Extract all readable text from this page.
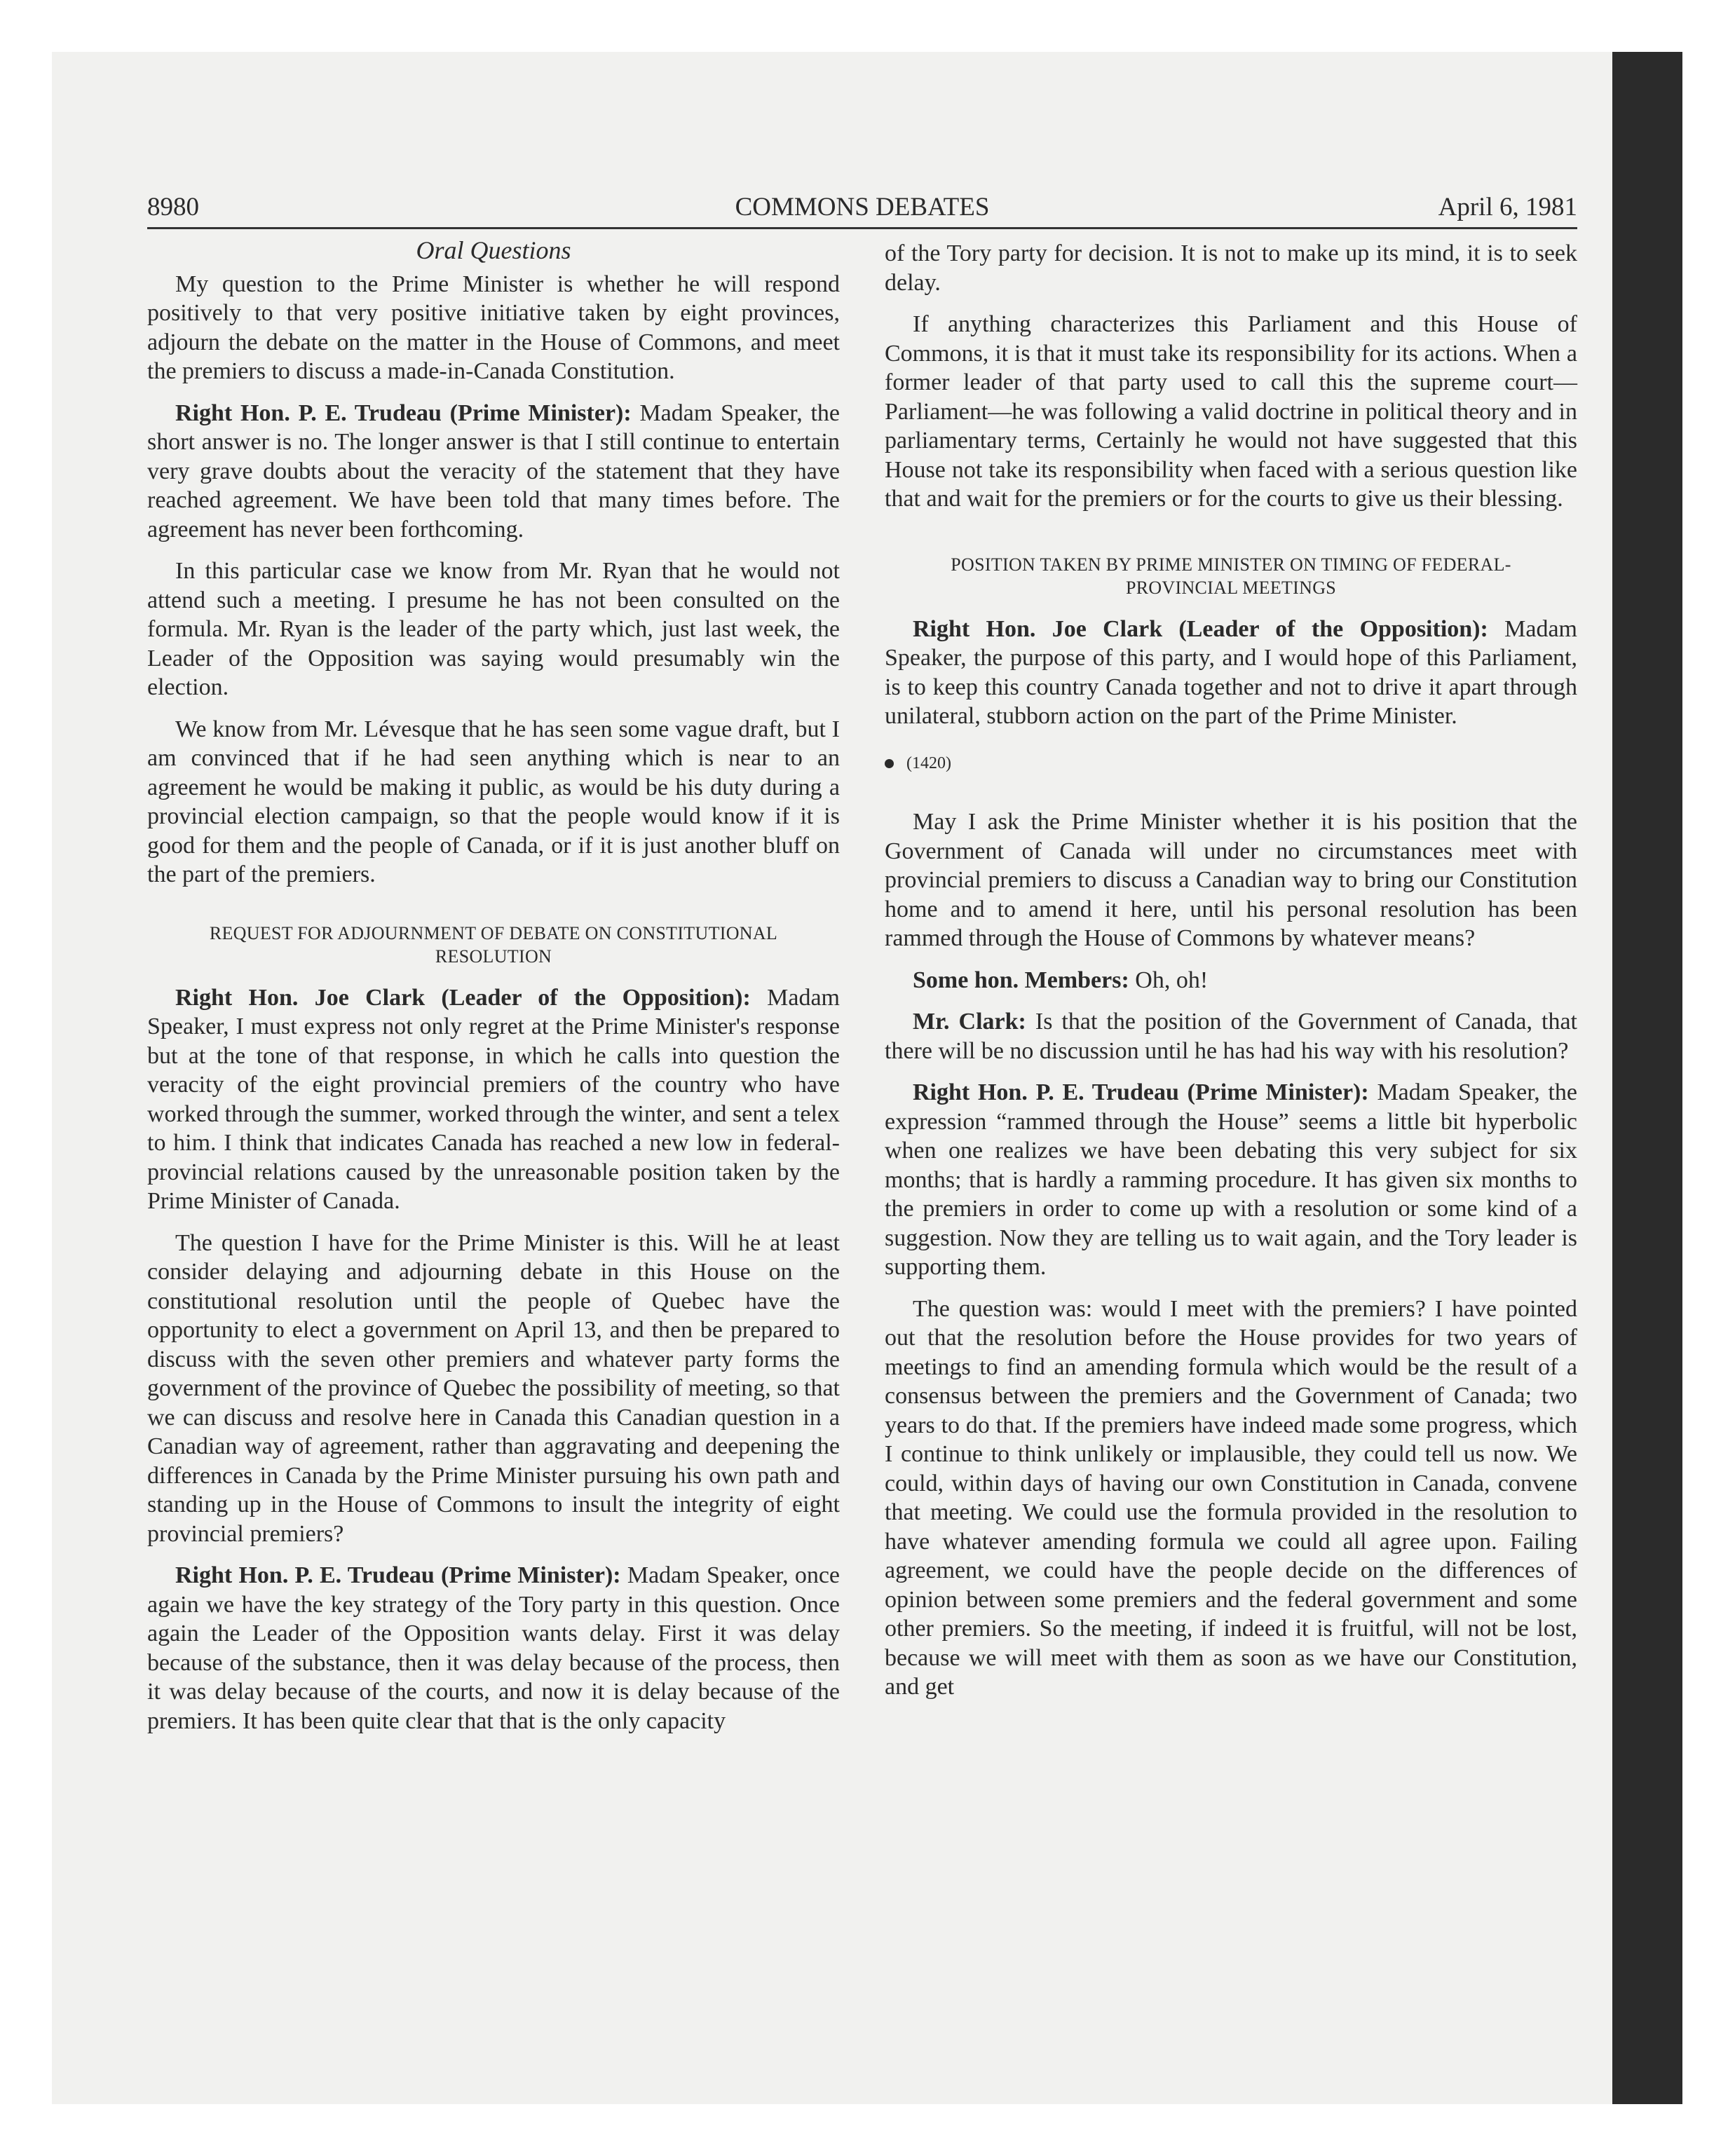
8980	COMMONS DEBATES	April 6, 1981
Oral Questions

My question to the Prime Minister is whether he will respond positively to that very positive initiative taken by eight provinces, adjourn the debate on the matter in the House of Commons, and meet the premiers to discuss a made-in-Canada Constitution.

Right Hon. P. E. Trudeau (Prime Minister): Madam Speaker, the short answer is no. The longer answer is that I still continue to entertain very grave doubts about the veracity of the statement that they have reached agreement. We have been told that many times before. The agreement has never been forthcoming.

In this particular case we know from Mr. Ryan that he would not attend such a meeting. I presume he has not been consulted on the formula. Mr. Ryan is the leader of the party which, just last week, the Leader of the Opposition was saying would presumably win the election.

We know from Mr. Lévesque that he has seen some vague draft, but I am convinced that if he had seen anything which is near to an agreement he would be making it public, as would be his duty during a provincial election campaign, so that the people would know if it is good for them and the people of Canada, or if it is just another bluff on the part of the premiers.

REQUEST FOR ADJOURNMENT OF DEBATE ON CONSTITUTIONAL RESOLUTION

Right Hon. Joe Clark (Leader of the Opposition): Madam Speaker, I must express not only regret at the Prime Minister's response but at the tone of that response, in which he calls into question the veracity of the eight provincial premiers of the country who have worked through the summer, worked through the winter, and sent a telex to him. I think that indicates Canada has reached a new low in federal-provincial relations caused by the unreasonable position taken by the Prime Minister of Canada.

The question I have for the Prime Minister is this. Will he at least consider delaying and adjourning debate in this House on the constitutional resolution until the people of Quebec have the opportunity to elect a government on April 13, and then be prepared to discuss with the seven other premiers and whatever party forms the government of the province of Quebec the possibility of meeting, so that we can discuss and resolve here in Canada this Canadian question in a Canadian way of agreement, rather than aggravating and deepening the differences in Canada by the Prime Minister pursuing his own path and standing up in the House of Commons to insult the integrity of eight provincial premiers?

Right Hon. P. E. Trudeau (Prime Minister): Madam Speaker, once again we have the key strategy of the Tory party in this question. Once again the Leader of the Opposition wants delay. First it was delay because of the substance, then it was delay because of the process, then it was delay because of the courts, and now it is delay because of the premiers. It has been quite clear that that is the only capacity

of the Tory party for decision. It is not to make up its mind, it is to seek delay.

If anything characterizes this Parliament and this House of Commons, it is that it must take its responsibility for its actions. When a former leader of that party used to call this the supreme court—Parliament—he was following a valid doctrine in political theory and in parliamentary terms, Certainly he would not have suggested that this House not take its responsibility when faced with a serious question like that and wait for the premiers or for the courts to give us their blessing.

POSITION TAKEN BY PRIME MINISTER ON TIMING OF FEDERAL-PROVINCIAL MEETINGS

Right Hon. Joe Clark (Leader of the Opposition): Madam Speaker, the purpose of this party, and I would hope of this Parliament, is to keep this country Canada together and not to drive it apart through unilateral, stubborn action on the part of the Prime Minister.

(1420)

May I ask the Prime Minister whether it is his position that the Government of Canada will under no circumstances meet with provincial premiers to discuss a Canadian way to bring our Constitution home and to amend it here, until his personal resolution has been rammed through the House of Commons by whatever means?

Some hon. Members: Oh, oh!

Mr. Clark: Is that the position of the Government of Canada, that there will be no discussion until he has had his way with his resolution?

Right Hon. P. E. Trudeau (Prime Minister): Madam Speaker, the expression “rammed through the House” seems a little bit hyperbolic when one realizes we have been debating this very subject for six months; that is hardly a ramming procedure. It has given six months to the premiers in order to come up with a resolution or some kind of a suggestion. Now they are telling us to wait again, and the Tory leader is supporting them.

The question was: would I meet with the premiers? I have pointed out that the resolution before the House provides for two years of meetings to find an amending formula which would be the result of a consensus between the premiers and the Government of Canada; two years to do that. If the premiers have indeed made some progress, which I continue to think unlikely or implausible, they could tell us now. We could, within days of having our own Constitution in Canada, convene that meeting. We could use the formula provided in the resolution to have whatever amending formula we could all agree upon. Failing agreement, we could have the people decide on the differences of opinion between some premiers and the federal government and some other premiers. So the meeting, if indeed it is fruitful, will not be lost, because we will meet with them as soon as we have our Constitution, and get
